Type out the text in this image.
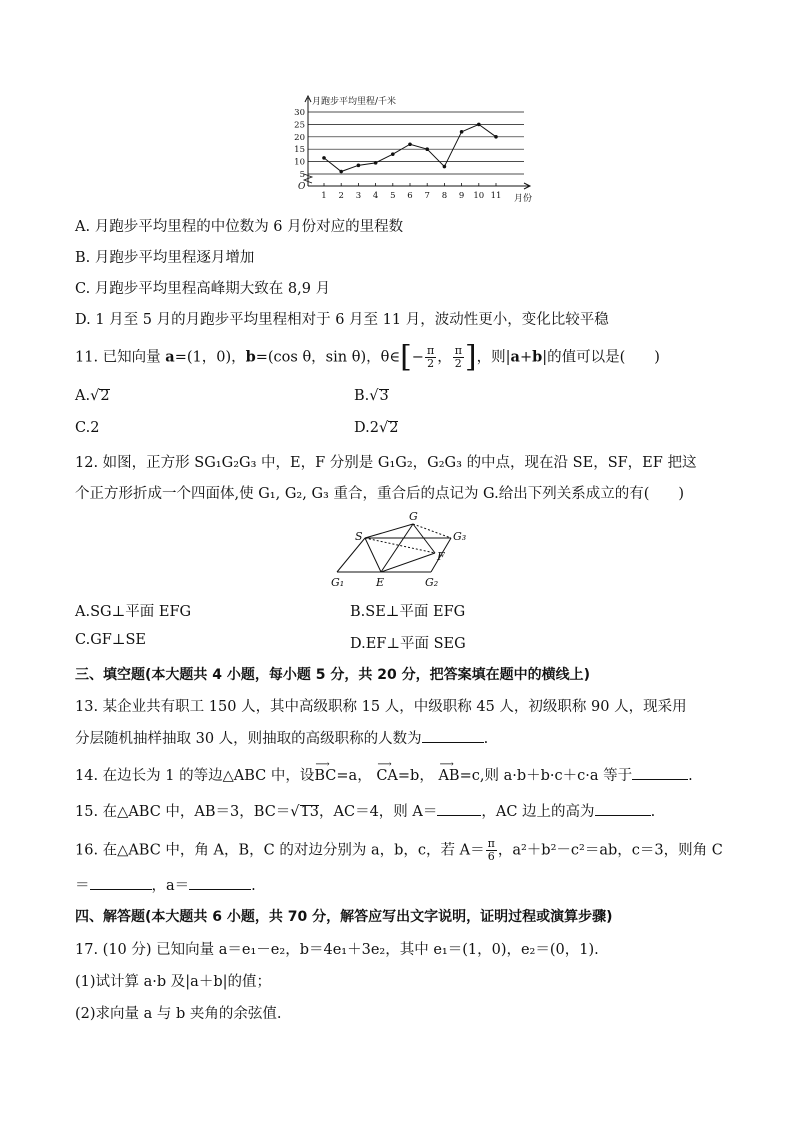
月跑步平均里程/千米
5
10
15
20
25
30
O
1 2 3 4 5 6 7 8 9 10 11 月份
A. 月跑步平均里程的中位数为 6 月份对应的里程数
B. 月跑步平均里程逐月增加
C. 月跑步平均里程高峰期大致在 8,9 月
D. 1 月至 5 月的月跑步平均里程相对于 6 月至 11 月，波动性更小，变化比较平稳
11. 已知向量 a=(1，0)，b=(cos θ，sin θ)，θ∈[− $\frac{\pi}{2}$ ， $\frac{\pi}{2}$ ]，则|a+b|的值可以是(　　)
A.√2	B.√3
C.2	D.2√2
12. 如图，正方形 SG₁G₂G₃ 中，E，F 分别是 G₁G₂，G₂G₃ 的中点，现在沿 SE，SF，EF 把这
个正方形折成一个四面体,使 G₁, G₂, G₃ 重合，重合后的点记为 G.给出下列关系成立的有(　　)
S
G
G₃
F
G₁	E	G₂
A.SG⊥平面 EFG	B.SE⊥平面 EFG
C.GF⊥SE	D.EF⊥平面 SEG
三、填空题(本大题共 4 小题，每小题 5 分，共 20 分，把答案填在题中的横线上)
13. 某企业共有职工 150 人，其中高级职称 15 人，中级职称 45 人，初级职称 90 人，现采用
分层随机抽样抽取 30 人，则抽取的高级职称的人数为	.
14. 在边长为 1 的等边△ABC 中，设
⟶
BC=a，
⟶
CA=b，
⟶
AB=c,则 a·b＋b·c＋c·a 等于	.
15. 在△ABC 中，AB＝3，BC＝√13，AC＝4，则 A＝	，AC 边上的高为	.
16. 在△ABC 中，角 A，B，C 的对边分别为 a，b，c，若 $A= \frac{\pi}{6}$ ，a²＋b²－c²＝ab，c＝3，则角 C
＝	，a＝	.
四、解答题(本大题共 6 小题，共 70 分，解答应写出文字说明，证明过程或演算步骤)
17. (10 分) 已知向量 a＝e₁－e₂，b＝4e₁＋3e₂，其中 e₁＝(1，0)，e₂＝(0，1).
(1)试计算 a·b 及|a＋b|的值；
(2)求向量 a 与 b 夹角的余弦值.
